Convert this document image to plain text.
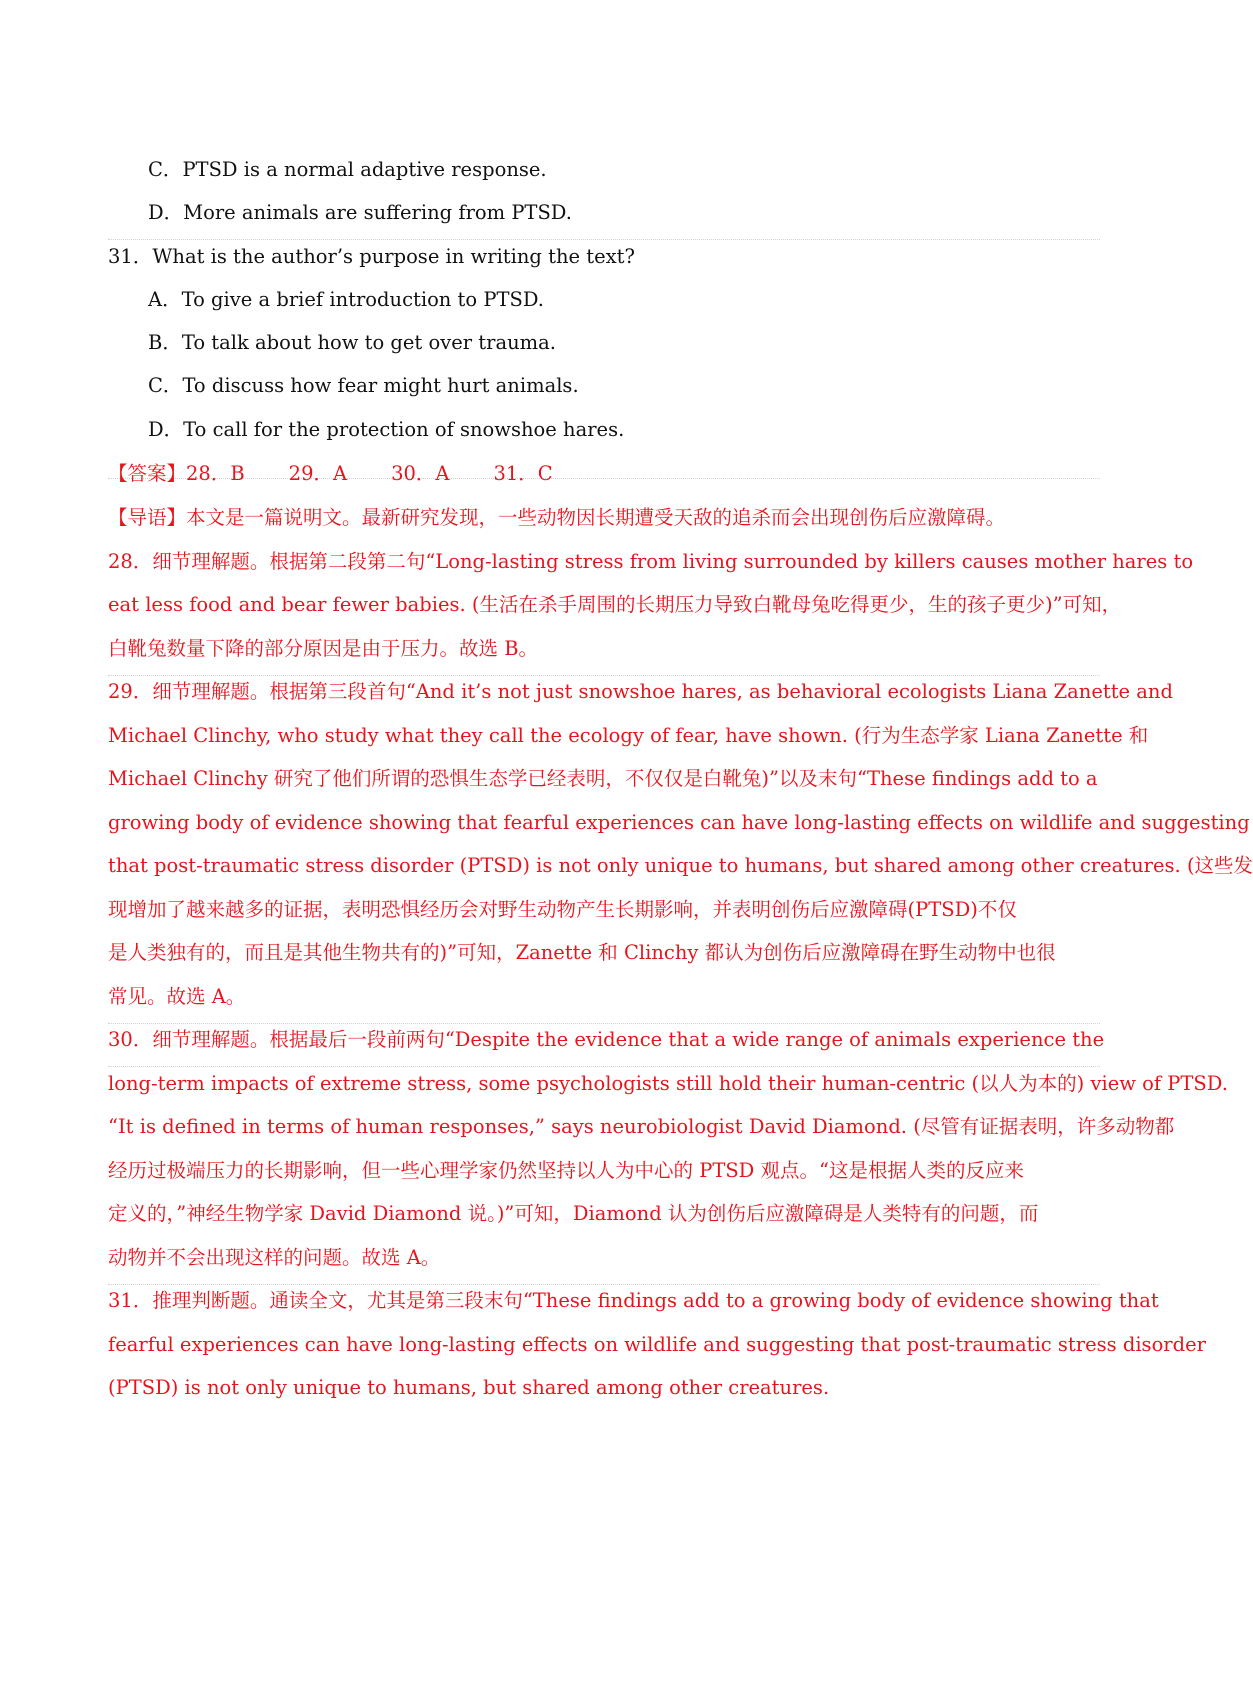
C．PTSD is a normal adaptive response.
D．More animals are suffering from PTSD.
31．What is the author’s purpose in writing the text?
A．To give a brief introduction to PTSD.
B．To talk about how to get over trauma.
C．To discuss how fear might hurt animals.
D．To call for the protection of snowshoe hares.
【答案】28．B 29．A 30．A 31．C
【导语】本文是一篇说明文。最新研究发现，一些动物因长期遭受天敌的追杀而会出现创伤后应激障碍。
28．细节理解题。根据第二段第二句“Long-lasting stress from living surrounded by killers causes mother hares to
eat less food and bear fewer babies. (生活在杀手周围的长期压力导致白靴母兔吃得更少，生的孩子更少)”可知，
白靴兔数量下降的部分原因是由于压力。故选 B。
29．细节理解题。根据第三段首句“And it’s not just snowshoe hares, as behavioral ecologists Liana Zanette and
Michael Clinchy, who study what they call the ecology of fear, have shown. (行为生态学家 Liana Zanette 和
Michael Clinchy 研究了他们所谓的恐惧生态学已经表明，不仅仅是白靴兔)”以及末句“These findings add to a
growing body of evidence showing that fearful experiences can have long-lasting effects on wildlife and suggesting
that post-traumatic stress disorder (PTSD) is not only unique to humans, but shared among other creatures. (这些发
现增加了越来越多的证据，表明恐惧经历会对野生动物产生长期影响，并表明创伤后应激障碍(PTSD)不仅
是人类独有的，而且是其他生物共有的)”可知，Zanette 和 Clinchy 都认为创伤后应激障碍在野生动物中也很
常见。故选 A。
30．细节理解题。根据最后一段前两句“Despite the evidence that a wide range of animals experience the
long-term impacts of extreme stress, some psychologists still hold their human-centric (以人为本的) view of PTSD.
“It is defined in terms of human responses,” says neurobiologist David Diamond. (尽管有证据表明，许多动物都
经历过极端压力的长期影响，但一些心理学家仍然坚持以人为中心的 PTSD 观点。“这是根据人类的反应来
定义的，”神经生物学家 David Diamond 说。)”可知，Diamond 认为创伤后应激障碍是人类特有的问题，而
动物并不会出现这样的问题。故选 A。
31．推理判断题。通读全文，尤其是第三段末句“These findings add to a growing body of evidence showing that
fearful experiences can have long-lasting effects on wildlife and suggesting that post-traumatic stress disorder
(PTSD) is not only unique to humans, but shared among other creatures.
